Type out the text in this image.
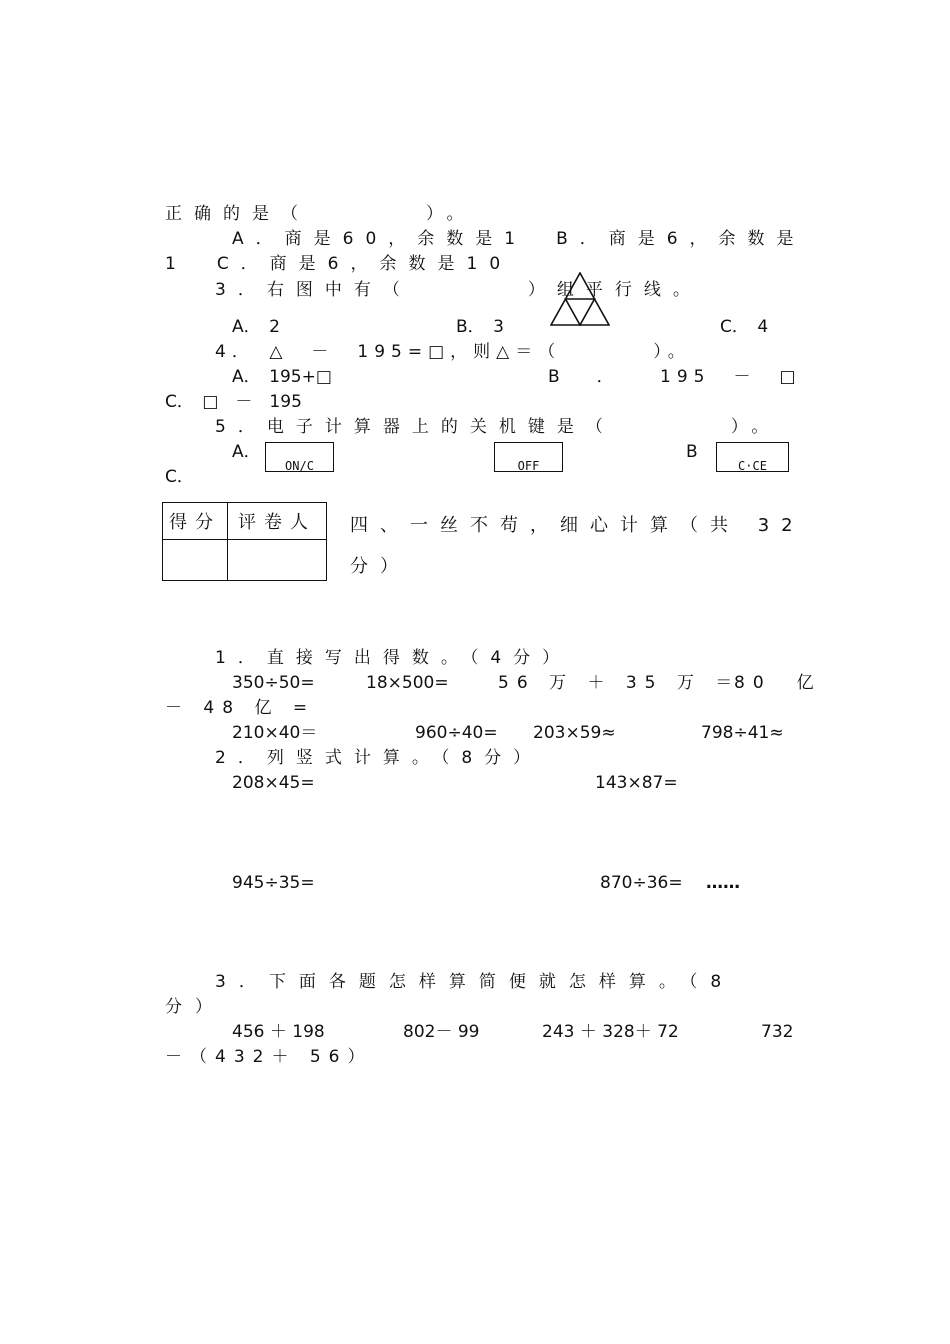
正确的是（　　　　）。
A．商是60，余数是1　B．商是6，余数是
1　C．商是6，余数是10
3．右图中有（　　　　）组平行线。
A．　2	B．　3	C．　4
4．　△　－　195=□，则△＝（　　　　）。
A．　195+□	B　． 195　－　□
C．　□　－　195
5．电子计算器上的关机键是（　　　　）。
A．
ON/C	OFF
B
C·CE
C．
得分	评卷人
	四、一丝不苟，细心计算（共 32
分）
1．直接写出得数。（4分）
350÷50=	18×500=	56 万 ＋ 35 万 ＝
80　亿
－ 48 亿 =
210×40＝	960÷40= 203×59≈	798÷41≈
2．列竖式计算。（8分）
208×45=	143×87=
945÷35=	870÷36= ……
3．下面各题怎样算简便就怎样算。（8
分）
456 ＋ 198	802－ 99	243 ＋ 328＋ 72	732
－（432＋ 56）
